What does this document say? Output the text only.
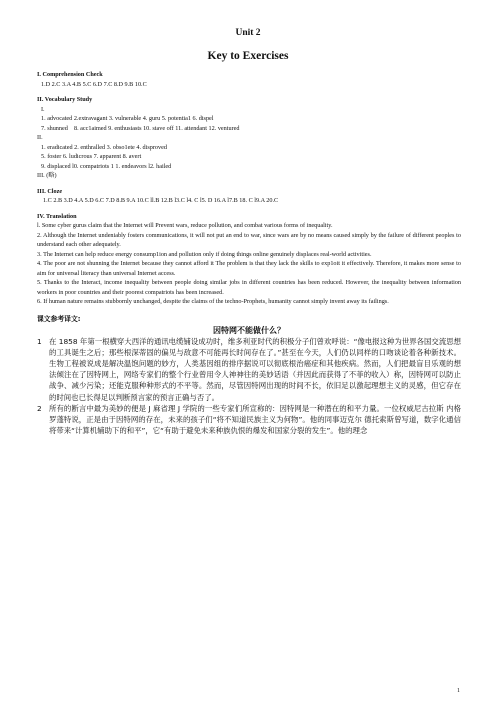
Unit 2
Key to Exercises
I. Comprehension Check
1.D 2.C 3.A 4.B 5.C 6.D 7.C 8.D 9.B 10.C
II. Vocabulary Study
I.
1. advocated 2.extravagant 3. vulnerable 4. guru 5. potentia1 6. dispel
7. shunned    8. acc1aimed 9. enthusiasts 10. stave off 11. attendant 12. ventured
II.
1. eradicated 2. enthralled 3. obso1ete 4. disproved
5. foster 6. ludicrous 7. apparent 8. avert
9. displaced l0. compatriots 1 1. endeavors l2. hailed
III. (略)
III. Cloze
1.C 2.B 3.D 4.A 5.D 6.C 7.D 8.B 9.A 10.C ll.B 12.B l3.C l4. C l5. D 16.A l7.B 18. C l9.A 20.C
IV. Translation

l. Some cyber gurus claim that the Internet will Prevent wars, reduce pollution, and combat various forms of inequality.

2. Although the Internet undeniably fosters communications, it will not put an end to war, since wars are by no means caused simply by the failure of different peoples to understand each other adequately.

3. The Internet can help reduce energy consump1ion and pollution only if doing things online genuinely displaces real-world activities.

4. The poor are not shunning the Internet because they cannot afford it The problem is that they lack the skills to exp1oit it effectively. Therefore, it makes more sense to aim for universal literacy than universal Internet access.

5. Thanks to the Interact, income inequality between people doing similar jobs in different countries has been reduced. However, the inequality between information workers in poor countries and their poorest compatriots has been increased.

6. If human nature remains stubbornly unchanged, despite the claims of the techno-Prophets, humanity cannot simply invent away its failings.

课文参考译文:
因特网不能做什么？
1 在 1858 年第一根横穿大西洋的通讯电缆铺设成功时，维多利亚时代的积极分子们曾欢呼说：“像电报这种为世界各国交流思想的工具诞生之后；那些根深蒂固的偏见与敌意不可能再长时间存在了。”甚至在今天，人们仍以同样的口吻谈论着各种新技术。生物工程被说成是解决温饱问题的妙方，人类基因组的排序据说可以彻底根治癌症和其他疾病。然而，人们把最盲目乐观的想法倾注在了因特网上，网络专家们的整个行业曾用令人神神往的美妙话语（并因此而获得了不菲的收入）称，因特网可以防止战争、减少污染；还能克服种种形式的不平等。然而，尽管因特网出现的时间不长，依旧足以激起理想主义的灵感，但它存在的时间也已长得足以判断预言家的预言正确与否了。
2 所有的断言中最为美妙的便是 J 麻省理 J 学院的一些专家们所宣称的：因特网是一种潜在的和平力量。一位权威尼古拉斯 内格罗蓬特说，正是由于因特网的存在，未来的孩子们“将不知道民族主义为何物”。他的同事迈克尔 德托索斯曾写道，数字化通信将带来“计算机辅助下的和平”，它“有助于避免未来种族仇恨的爆发和国家分裂的发生”。他的理念
1
